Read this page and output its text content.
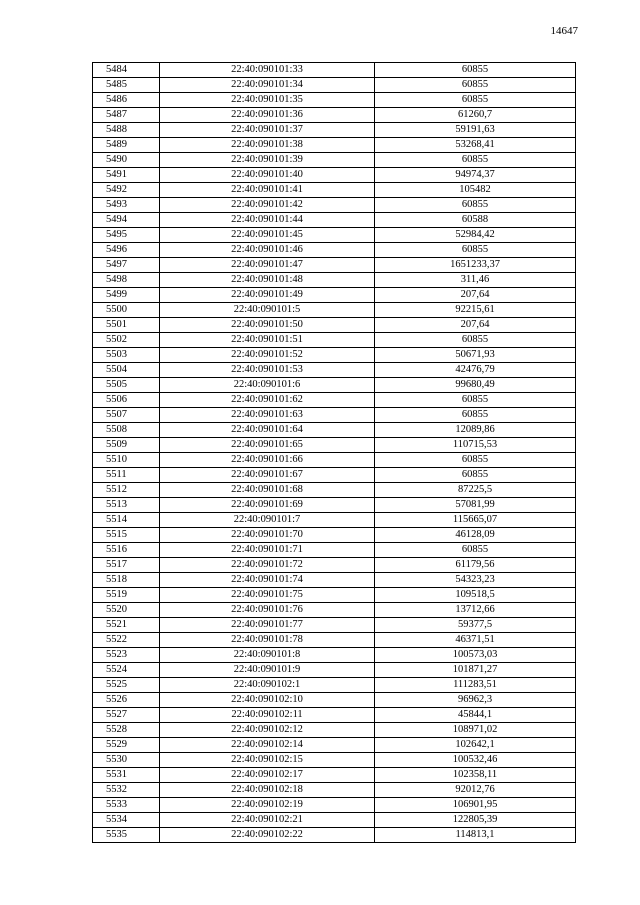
14647
5484	22:40:090101:33	60855
5485	22:40:090101:34	60855
5486	22:40:090101:35	60855
5487	22:40:090101:36	61260,7
5488	22:40:090101:37	59191,63
5489	22:40:090101:38	53268,41
5490	22:40:090101:39	60855
5491	22:40:090101:40	94974,37
5492	22:40:090101:41	105482
5493	22:40:090101:42	60855
5494	22:40:090101:44	60588
5495	22:40:090101:45	52984,42
5496	22:40:090101:46	60855
5497	22:40:090101:47	1651233,37
5498	22:40:090101:48	311,46
5499	22:40:090101:49	207,64
5500	22:40:090101:5	92215,61
5501	22:40:090101:50	207,64
5502	22:40:090101:51	60855
5503	22:40:090101:52	50671,93
5504	22:40:090101:53	42476,79
5505	22:40:090101:6	99680,49
5506	22:40:090101:62	60855
5507	22:40:090101:63	60855
5508	22:40:090101:64	12089,86
5509	22:40:090101:65	110715,53
5510	22:40:090101:66	60855
5511	22:40:090101:67	60855
5512	22:40:090101:68	87225,5
5513	22:40:090101:69	57081,99
5514	22:40:090101:7	115665,07
5515	22:40:090101:70	46128,09
5516	22:40:090101:71	60855
5517	22:40:090101:72	61179,56
5518	22:40:090101:74	54323,23
5519	22:40:090101:75	109518,5
5520	22:40:090101:76	13712,66
5521	22:40:090101:77	59377,5
5522	22:40:090101:78	46371,51
5523	22:40:090101:8	100573,03
5524	22:40:090101:9	101871,27
5525	22:40:090102:1	111283,51
5526	22:40:090102:10	96962,3
5527	22:40:090102:11	45844,1
5528	22:40:090102:12	108971,02
5529	22:40:090102:14	102642,1
5530	22:40:090102:15	100532,46
5531	22:40:090102:17	102358,11
5532	22:40:090102:18	92012,76
5533	22:40:090102:19	106901,95
5534	22:40:090102:21	122805,39
5535	22:40:090102:22	114813,1
